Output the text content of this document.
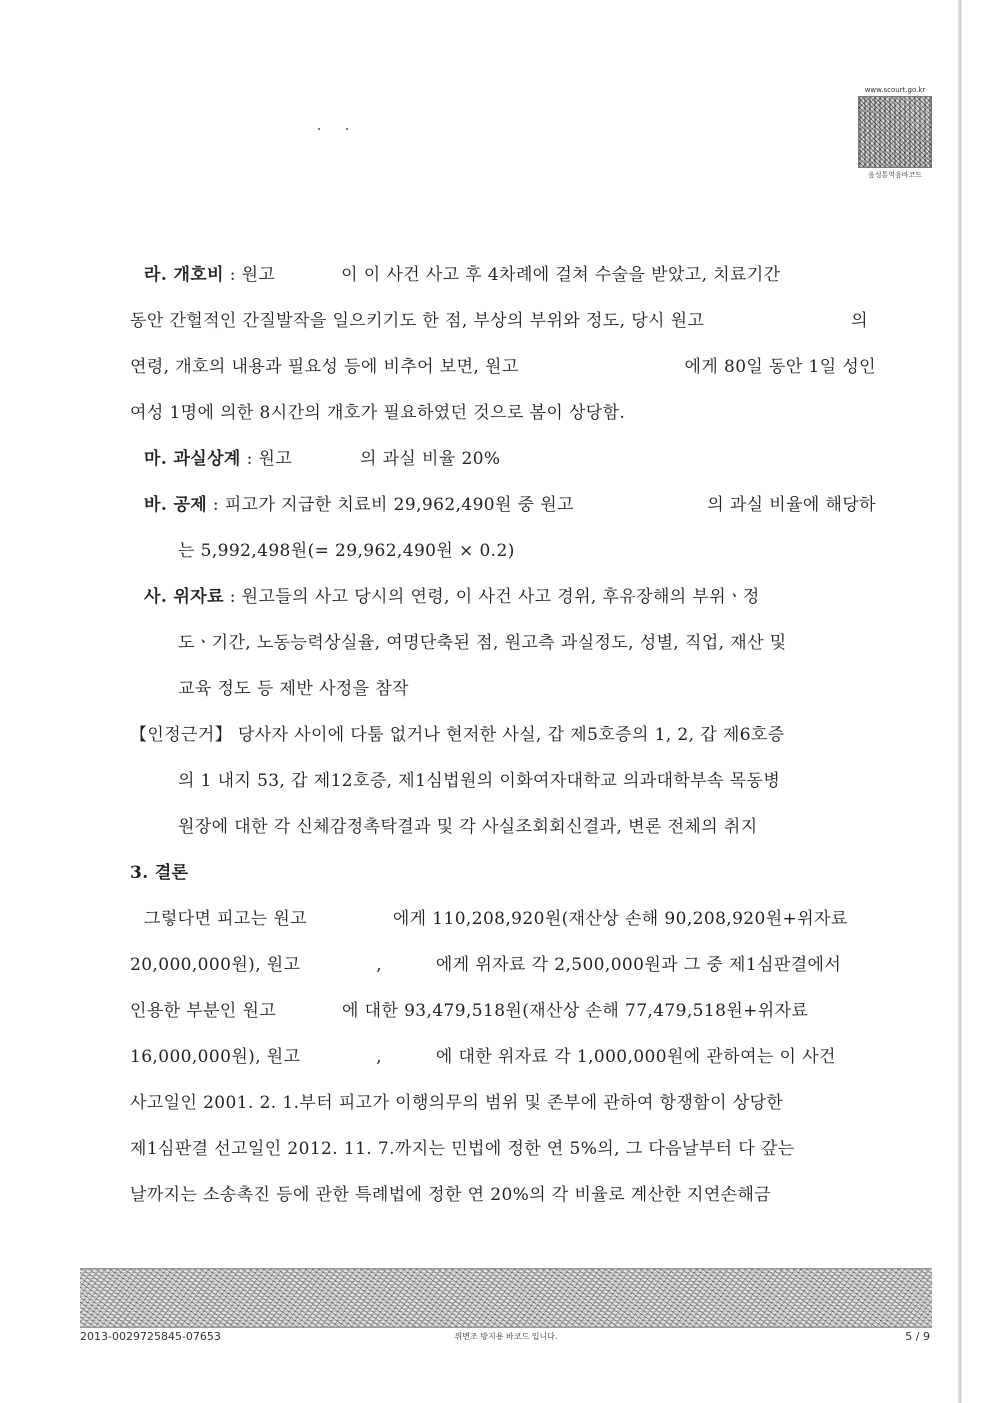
www.scourt.go.kr
음성통역음바코드
라. 개호비 : 원고	이 이 사건 사고 후 4차례에 걸쳐 수술을 받았고, 치료기간
동안 간헐적인 간질발작을 일으키기도 한 점, 부상의 부위와 정도, 당시 원고	의
연령, 개호의 내용과 필요성 등에 비추어 보면, 원고	에게 80일 동안 1일 성인
여성 1명에 의한 8시간의 개호가 필요하였던 것으로 봄이 상당함.
마. 과실상계 : 원고	의 과실 비율 20%
바. 공제 : 피고가 지급한 치료비 29,962,490원 중 원고	의 과실 비율에 해당하
는 5,992,498원(= 29,962,490원 × 0.2)
사. 위자료 : 원고들의 사고 당시의 연령, 이 사건 사고 경위, 후유장해의 부위ㆍ정
도ㆍ기간, 노동능력상실율, 여명단축된 점, 원고측 과실정도, 성별, 직업, 재산 및
교육 정도 등 제반 사정을 참작
【인정근거】 당사자 사이에 다툼 없거나 현저한 사실, 갑 제5호증의 1, 2, 갑 제6호증
의 1 내지 53, 갑 제12호증, 제1심법원의 이화여자대학교 의과대학부속 목동병
원장에 대한 각 신체감정촉탁결과 및 각 사실조회회신결과, 변론 전체의 취지
3. 결론
그렇다면 피고는 원고	에게 110,208,920원(재산상 손해 90,208,920원+위자료
20,000,000원), 원고	,	에게 위자료 각 2,500,000원과 그 중 제1심판결에서
인용한 부분인 원고	에 대한 93,479,518원(재산상 손해 77,479,518원+위자료
16,000,000원), 원고	,	에 대한 위자료 각 1,000,000원에 관하여는 이 사건
사고일인 2001. 2. 1.부터 피고가 이행의무의 범위 및 존부에 관하여 항쟁함이 상당한
제1심판결 선고일인 2012. 11. 7.까지는 민법에 정한 연 5%의, 그 다음날부터 다 갚는
날까지는 소송촉진 등에 관한 특례법에 정한 연 20%의 각 비율로 계산한 지연손해금
2013-0029725845-07653	위변조 방지용 바코드 입니다.	5 / 9
